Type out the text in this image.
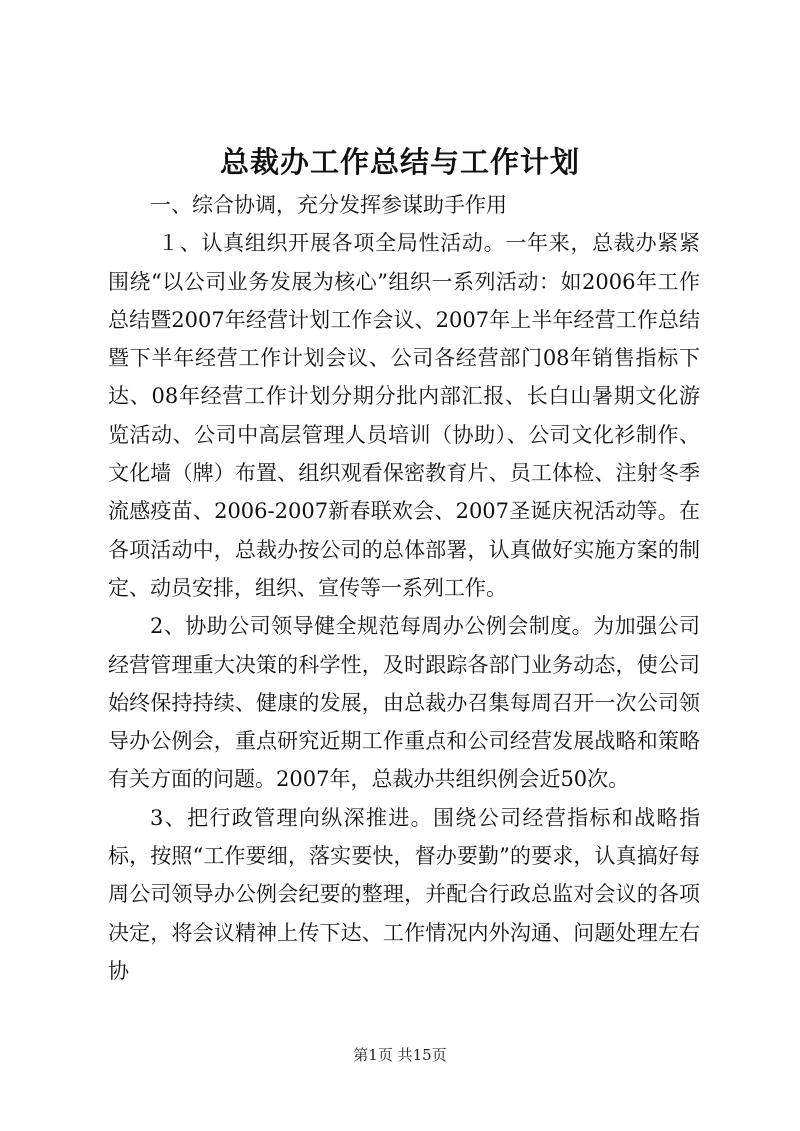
总裁办工作总结与工作计划

一、综合协调，充分发挥参谋助手作用

１、认真组织开展各项全局性活动。一年来，总裁办紧紧围绕“以公司业务发展为核心”组织一系列活动：如2006年工作总结暨2007年经营计划工作会议、2007年上半年经营工作总结暨下半年经营工作计划会议、公司各经营部门08年销售指标下达、08年经营工作计划分期分批内部汇报、长白山暑期文化游览活动、公司中高层管理人员培训（协助）、公司文化衫制作、文化墙（牌）布置、组织观看保密教育片、员工体检、注射冬季流感疫苗、2006-2007新春联欢会、2007圣诞庆祝活动等。在各项活动中，总裁办按公司的总体部署，认真做好实施方案的制定、动员安排，组织、宣传等一系列工作。

2、协助公司领导健全规范每周办公例会制度。为加强公司经营管理重大决策的科学性，及时跟踪各部门业务动态，使公司始终保持持续、健康的发展，由总裁办召集每周召开一次公司领导办公例会，重点研究近期工作重点和公司经营发展战略和策略有关方面的问题。2007年，总裁办共组织例会近50次。

3、把行政管理向纵深推进。围绕公司经营指标和战略指标，按照“工作要细，落实要快，督办要勤”的要求，认真搞好每周公司领导办公例会纪要的整理，并配合行政总监对会议的各项决定，将会议精神上传下达、工作情况内外沟通、问题处理左右协

第1页 共15页
